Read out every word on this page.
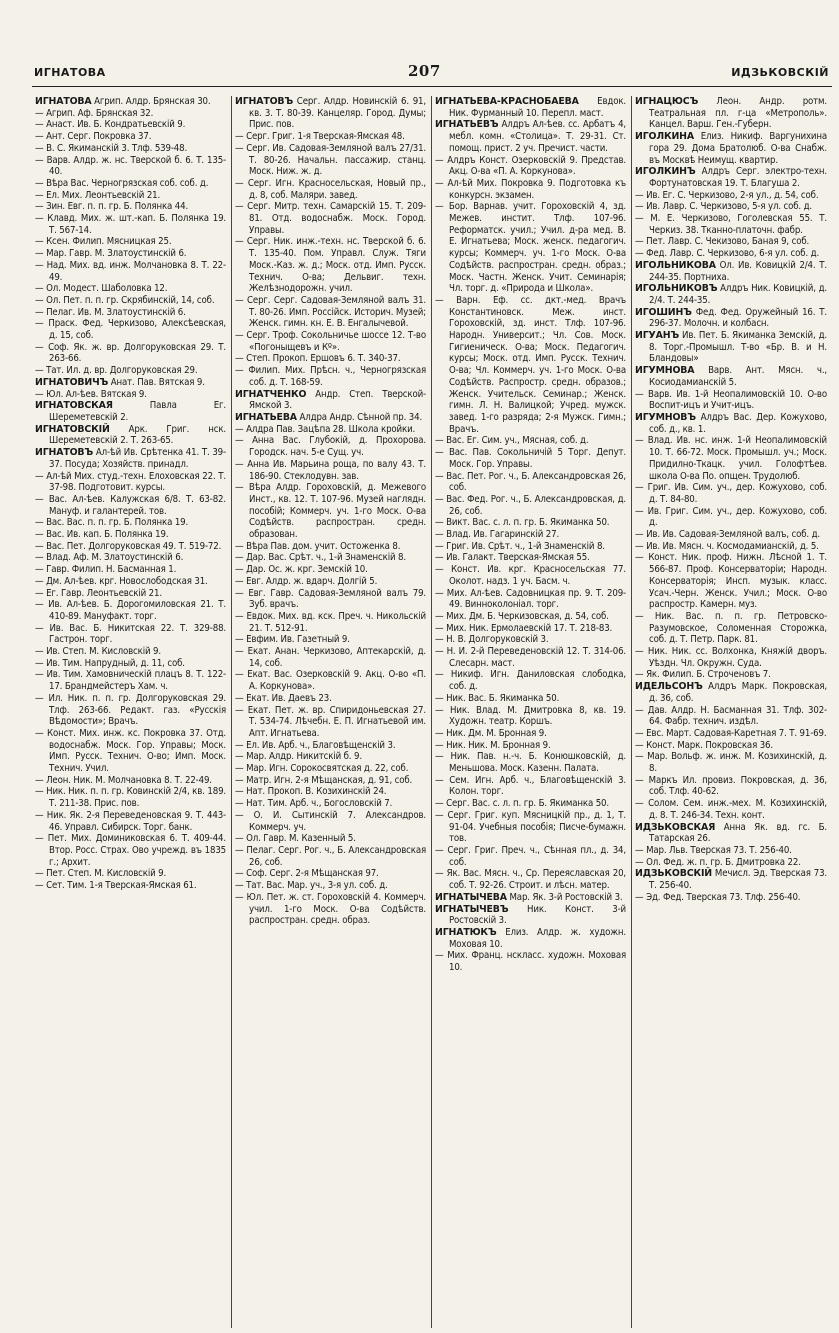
ИГНАТОВА	207	ИДЗЬКОВСКІЙ

ИГНАТОВА Агрип. Алдр. Брянская 30.

— Агрип. Аф. Брянская 32.

— Анаст. Ив. Б. Кондратьевскій 9.

— Ант. Серг. Покровка 37.

— В. С. Якиманскій 3. Тлф. 539-48.

— Варв. Алдр. ж. нс. Тверской б. 6. Т. 135-40.

— Вѣра Вас. Черногрязская соб. соб. д.

— Ел. Мих. Леонтьевскій 21.

— Зин. Евг. п. п. гр. Б. Полянка 44.

— Клавд. Мих. ж. шт.-кап. Б. Полянка 19. Т. 567-14.

— Ксен. Филип. Мясницкая 25.

— Мар. Гавр. М. Златоустинскій 6.

— Над. Мих. вд. инж. Молчановка 8. Т. 22-49.

— Ол. Модест. Шаболовка 12.

— Ол. Пет. п. п. гр. Скрябинскій, 14, соб.

— Пелаг. Ив. М. Златоустинскій 6.

— Праск. Фед. Черкизово, Алексѣевская, д. 15, соб.

— Соф. Як. ж. вр. Долгоруковская 29. Т. 263-66.

— Тат. Ил. д. вр. Долгоруковская 29.

ИГНАТОВИЧЪ Анат. Пав. Вятская 9.

— Юл. Ал-ѣев. Вятская 9.

ИГНАТОВСКАЯ Павла Ег. Шереметевскій 2.

ИГНАТОВСКІЙ Арк. Григ. нск. Шереметевскій 2. Т. 263-65.

ИГНАТОВЪ Ал-ѣй Ив. Срѣтенка 41. Т. 39-37. Посуда; Хозяйств. принадл.

— Ал-ѣй Мих. студ.-техн. Елоховская 22. Т. 37-98. Подготовит. курсы.

— Вас. Ал-ѣев. Калужская 6/8. Т. 63-82. Мануф. и галантерей. тов.

— Вас. Вас. п. п. гр. Б. Полянка 19.

— Вас. Ив. кап. Б. Полянка 19.

— Вас. Пет. Долгоруковская 49. Т. 519-72.

— Влад. Аф. М. Златоустинскій 6.

— Гавр. Филип. Н. Басманная 1.

— Дм. Ал-ѣев. крг. Новослободская 31.

— Ег. Гавр. Леонтьевскій 21.

— Ив. Ал-ѣев. Б. Дорогомиловская 21. Т. 410-89. Мануфакт. торг.

— Ив. Вас. Б. Никитская 22. Т. 329-88. Гастрон. торг.

— Ив. Степ. М. Кисловскій 9.

— Ив. Тим. Напрудный, д. 11, соб.

— Ив. Тим. Хамовническій плацъ 8. Т. 122-17. Брандмейстеръ Хам. ч.

— Ил. Ник. п. п. гр. Долгоруковская 29. Тлф. 263-66. Редакт. газ. «Русскія Вѣдомости»; Врачъ.

— Конст. Мих. инж. кс. Покровка 37. Отд. водоснабж. Моск. Гор. Управы; Моск. Имп. Русск. Технич. О-во; Имп. Моск. Технич. Учил.

— Леон. Ник. М. Молчановка 8. Т. 22-49.

— Ник. Ник. п. п. гр. Ковинскій 2/4, кв. 189. Т. 211-38. Прис. пов.

— Ник. Як. 2-я Переведеновская 9. Т. 443-46. Управл. Сибирск. Торг. банк.

— Пет. Мих. Доминиковская 6. Т. 409-44. Втор. Росс. Страх. Ово учрежд. въ 1835 г.; Архит.

— Пет. Степ. М. Кисловскій 9.

— Сет. Тим. 1-я Тверская-Ямская 61.

ИГНАТОВЪ Серг. Алдр. Новинскій 6. 91, кв. 3. Т. 80-39. Канцеляр. Город. Думы; Прис. пов.

— Серг. Григ. 1-я Тверская-Ямская 48.

— Серг. Ив. Садовая-Земляной валъ 27/31. Т. 80-26. Начальн. пассажир. станц. Моск. Ниж. ж. д.

— Серг. Игн. Красносельская, Новый пр., д. 8, соб. Маляри. завед.

— Серг. Митр. техн. Самарскій 15. Т. 209-81. Отд. водоснабж. Моск. Город. Управы.

— Серг. Ник. инж.-техн. нс. Тверской б. 6. Т. 135-40. Пом. Управл. Служ. Тяги Моск.-Каз. ж. д.; Моск. отд. Имп. Русск. Технич. О-ва; Дельвиг. техн. Желѣзнодорожн. учил.

— Серг. Серг. Садовая-Земляной валъ 31. Т. 80-26. Имп. Россійск. Историч. Музей; Женск. гимн. кн. Е. В. Енгалычевой.

— Серг. Троф. Сокольничье шоссе 12. Т-во «Погоныщевъ и Кº».

— Степ. Прокоп. Ершовъ 6. Т. 340-37.

— Филип. Мих. Прѣсн. ч., Черногрязская соб. д. Т. 168-59.

ИГНАТЧЕНКО Андр. Степ. Тверской-Ямской 3.

ИГНАТЬЕВА Алдра Андр. Сѣнной пр. 34.

— Алдра Пав. Зацѣпа 28. Школа кройки.

— Анна Вас. Глубокій, д. Прохорова. Городск. нач. 5-е Сущ. уч.

— Анна Ив. Марьина роща, по валу 43. Т. 186-90. Стеклодувн. зав.

— Вѣра Алдр. Гороховскій, д. Межевого Инст., кв. 12. Т. 107-96. Музей наглядн. пособій; Коммерч. уч. 1-го Моск. О-ва Содѣйств. распростран. средн. образован.

— Вѣра Пав. дом. учит. Остоженка 8.

— Дар. Вас. Срѣт. ч., 1-й Знаменскій 8.

— Дар. Ос. ж. крг. Земскій 10.

— Евг. Алдр. ж. вдарч. Долгій 5.

— Евг. Гавр. Садовая-Земляной валъ 79. Зуб. врачъ.

— Евдок. Мих. вд. кск. Преч. ч. Никольскій 21. Т. 512-91.

— Евфим. Ив. Газетный 9.

— Екат. Анан. Черкизово, Аптекарскій, д. 14, соб.

— Екат. Вас. Озерковскій 9. Акц. О-во «П. А. Коркунова».

— Екат. Ив. Даевъ 23.

— Екат. Пет. ж. вр. Спиридоньевская 27. Т. 534-74. Лѣчебн. Е. П. Игнатьевой им. Апт. Игнатьева.

— Ел. Ив. Арб. ч., Благовѣщенскій 3.

— Мар. Алдр. Никитскій б. 9.

— Мар. Игн. Сорокосвятская д. 22, соб.

— Матр. Игн. 2-я Мѣщанская, д. 91, соб.

— Нат. Прокоп. В. Козихинскій 24.

— Нат. Тим. Арб. ч., Богословскій 7.

— О. И. Сытинскій 7. Александров. Коммерч. уч.

— Ол. Гавр. М. Казенный 5.

— Пелаг. Серг. Рог. ч., Б. Александровская 26, соб.

— Соф. Серг. 2-я Мѣщанская 97.

— Тат. Вас. Мар. уч., 3-я ул. соб. д.

— Юл. Пет. ж. ст. Гороховскій 4. Коммерч. учил. 1-го Моск. О-ва Содѣйств. распростран. средн. образ.

ИГНАТЬЕВА-КРАСНОБАЕВА Евдок. Ник. Фурманный 10. Перепл. маст.

ИГНАТЬЕВЪ Алдръ Ал-ѣев. сс. Арбатъ 4, мебл. комн. «Столица». Т. 29-31. Ст. помощ. прист. 2 уч. Пречист. части.

— Алдръ Конст. Озерковскій 9. Представ. Акц. О-ва «П. А. Коркунова».

— Ал-ѣй Мих. Покровка 9. Подготовка къ конкурсн. экзамен.

— Бор. Варнав. учит. Гороховскій 4, зд. Межев. инстит. Тлф. 107-96. Реформатск. учил.; Учил. д-ра мед. В. Е. Игнатьева; Моск. женск. педагогич. курсы; Коммерч. уч. 1-го Моск. О-ва Содѣйств. распростран. средн. образ.; Моск. Частн. Женск. Учит. Семинарія; Чл. торг. д. «Природа и Школа».

— Варн. Еф. сс. дкт.-мед. Врачъ Константиновск. Меж. инст. Гороховскій, зд. инст. Тлф. 107-96. Народн. Университ.; Чл. Сов. Моск. Гигиеническ. О-ва; Моск. Педагогич. курсы; Моск. отд. Имп. Русск. Технич. О-ва; Чл. Коммерч. уч. 1-го Моск. О-ва Содѣйств. Распростр. средн. образов.; Женск. Учительск. Семинар.; Женск. гимн. Л. Н. Валицкой; Учред. мужск. завед. 1-го разряда; 2-я Мужск. Гимн.; Врачъ.

— Вас. Ег. Сим. уч., Мясная, соб. д.

— Вас. Пав. Сокольничій 5 Торг. Депут. Моск. Гор. Управы.

— Вас. Пет. Рог. ч., Б. Александровская 26, соб.

— Вас. Фед. Рог. ч., Б. Александровская, д. 26, соб.

— Викт. Вас. с. л. п. гр. Б. Якиманка 50.

— Влад. Ив. Гагаринскій 27.

— Григ. Ив. Срѣт. ч., 1-й Знаменскій 8.

— Ив. Галакт. Тверская-Ямская 55.

— Конст. Ив. крг. Красносельская 77. Околот. надз. 1 уч. Басм. ч.

— Мих. Ал-ѣев. Садовницкая пр. 9. Т. 209-49. Винноколоніал. торг.

— Мих. Дм. Б. Черкизовская, д. 54, соб.

— Мих. Ник. Ермолаевскій 17. Т. 218-83.

— Н. В. Долгоруковскій 3.

— Н. И. 2-й Переведеновскій 12. Т. 314-06. Слесарн. маст.

— Никиф. Игн. Даниловская слободка, соб. д.

— Ник. Вас. Б. Якиманка 50.

— Ник. Влад. М. Дмитровка 8, кв. 19. Художн. театр. Коршъ.

— Ник. Дм. М. Бронная 9.

— Ник. Ник. М. Бронная 9.

— Ник. Пав. н.-ч. Б. Конюшковскій, д. Меньшова. Моск. Казенн. Палата.

— Сем. Игн. Арб. ч., Благовѣщенскій 3. Колон. торг.

— Серг. Вас. с. л. п. гр. Б. Якиманка 50.

— Серг. Григ. куп. Мясницкій пр., д. 1, Т. 91-04. Учебныя пособія; Писче-бумажн. тов.

— Серг. Григ. Преч. ч., Сѣнная пл., д. 34, соб.

— Як. Вас. Мясн. ч., Ср. Переяславская 20, соб. Т. 92-26. Строит. и лѣсн. матер.

ИГНАТЫЧЕВА Мар. Як. 3-й Ростовскій 3.

ИГНАТЫЧЕВЪ Ник. Конст. 3-й Ростовскій 3.

ИГНАТЮКЪ Елиз. Алдр. ж. художн. Моховая 10.

— Мих. Франц. нскласс. художн. Моховая 10.

ИГНАЦЮСЪ Леон. Андр. ротм. Театральная пл. г-ца «Метрополь». Канцел. Варш. Ген.-Губерн.

ИГОЛКИНА Елиз. Никиф. Варгунихина гора 29. Дома Братолюб. О-ва Снабж. въ Москвѣ Неимущ. квартир.

ИГОЛКИНЪ Алдръ Серг. электро-техн. Фортунатовская 19. Т. Благуша 2.

— Ив. Ег. С. Черкизово, 2-я ул., д. 54, соб.

— Ив. Лавр. С. Черкизово, 5-я ул. соб. д.

— М. Е. Черкизово, Гоголевская 55. Т. Черкиз. 38. Тканно-платочн. фабр.

— Пет. Лавр. С. Чекизово, Баная 9, соб.

— Фед. Лавр. С. Черкизово, 6-я ул. соб. д.

ИГОЛЬНИКОВА Ол. Ив. Ковицкій 2/4. Т. 244-35. Портниха.

ИГОЛЬНИКОВЪ Алдръ Ник. Ковицкій, д. 2/4. Т. 244-35.

ИГОШИНЪ Фед. Фед. Оружейный 16. Т. 296-37. Молочн. и колбасн.

ИГУАНЪ Ив. Пет. Б. Якиманка Земскій, д. 8. Торг.-Промышл. Т-во «Бр. В. и Н. Бландовы»

ИГУМНОВА Варв. Ант. Мясн. ч., Косиодамианскій 5.

— Варв. Ив. 1-й Неопалимовскій 10. О-во Воспит-ицъ и Учит-ицъ.

ИГУМНОВЪ Алдръ Вас. Дер. Кожухово, соб. д., кв. 1.

— Влад. Ив. нс. инж. 1-й Неопалимовскій 10. Т. 66-72. Моск. Промышл. уч.; Моск. Придилно-Ткацк. учил. Голофтѣев. школа О-ва По. опщен. Трудолюб.

— Григ. Ив. Сим. уч., дер. Кожухово, соб. д. Т. 84-80.

— Ив. Григ. Сим. уч., дер. Кожухово, соб. д.

— Ив. Ив. Садовая-Земляной валъ, соб. д.

— Ив. Ив. Мясн. ч. Космодамианскій, д. 5.

— Конст. Ник. проф. Нижн. Лѣсной 1. Т. 566-87. Проф. Консерваторіи; Народн. Консерваторія; Инсп. музык. класс. Усач.-Черн. Женск. Учил.; Моск. О-во распростр. Камерн. муз.

— Ник. Вас. п. п. гр. Петровско-Разумовское, Соломенная Сторожка, соб. д. Т. Петр. Парк. 81.

— Ник. Ник. сс. Волхонка, Княжій дворъ. Уѣздн. Чл. Окружн. Суда.

— Як. Филип. Б. Строченовъ 7.

ИДЕЛЬСОНЪ Алдръ Марк. Покровская, д. 36, соб.

— Дав. Алдр. Н. Басманная 31. Тлф. 302-64. Фабр. технич. издѣл.

— Евс. Март. Садовая-Каретная 7. Т. 91-69.

— Конст. Марк. Покровская 36.

— Мар. Вольф. ж. инж. М. Козихинскій, д. 8.

— Маркъ Ил. провиз. Покровская, д. 36, соб. Тлф. 40-62.

— Солом. Сем. инж.-мех. М. Козихинскій, д. 8. Т. 246-34. Техн. конт.

ИДЗЬКОВСКАЯ Анна Як. вд. гс. Б. Татарская 26.

— Мар. Льв. Тверская 73. Т. 256-40.

— Ол. Фед. ж. п. гр. Б. Дмитровка 22.

ИДЗЬКОВСКІЙ Мечисл. Эд. Тверская 73. Т. 256-40.

— Эд. Фед. Тверская 73. Тлф. 256-40.
